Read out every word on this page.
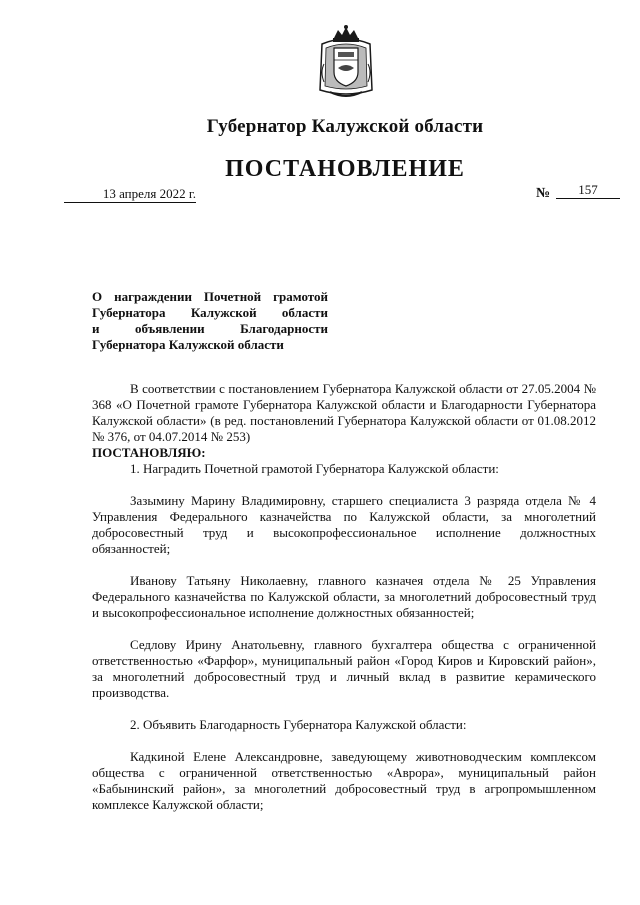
Губернатор Калужской области
ПОСТАНОВЛЕНИЕ
13 апреля 2022 г.	№	157
О награждении Почетной грамотой
Губернатора Калужской области
и объявлении Благодарности
Губернатора Калужской области

В соответствии с постановлением Губернатора Калужской области от 27.05.2004 № 368 «О Почетной грамоте Губернатора Калужской области и Благодарности Губернатора Калужской области» (в ред. постановлений Губернатора Калужской области от 01.08.2012 № 376, от 04.07.2014 № 253)

ПОСТАНОВЛЯЮ:

1. Наградить Почетной грамотой Губернатора Калужской области:

Зазымину Марину Владимировну, старшего специалиста 3 разряда отдела № 4 Управления Федерального казначейства по Калужской области, за многолетний добросовестный труд и высокопрофессиональное исполнение должностных обязанностей;

Иванову Татьяну Николаевну, главного казначея отдела № 25 Управления Федерального казначейства по Калужской области, за многолетний добросовестный труд и высокопрофессиональное исполнение должностных обязанностей;

Седлову Ирину Анатольевну, главного бухгалтера общества с ограниченной ответственностью «Фарфор», муниципальный район «Город Киров и Кировский район», за многолетний добросовестный труд и личный вклад в развитие керамического производства.

2. Объявить Благодарность Губернатора Калужской области:

Кадкиной Елене Александровне, заведующему животноводческим комплексом общества с ограниченной ответственностью «Аврора», муниципальный район «Бабынинский район», за многолетний добросовестный труд в агропромышленном комплексе Калужской области;
